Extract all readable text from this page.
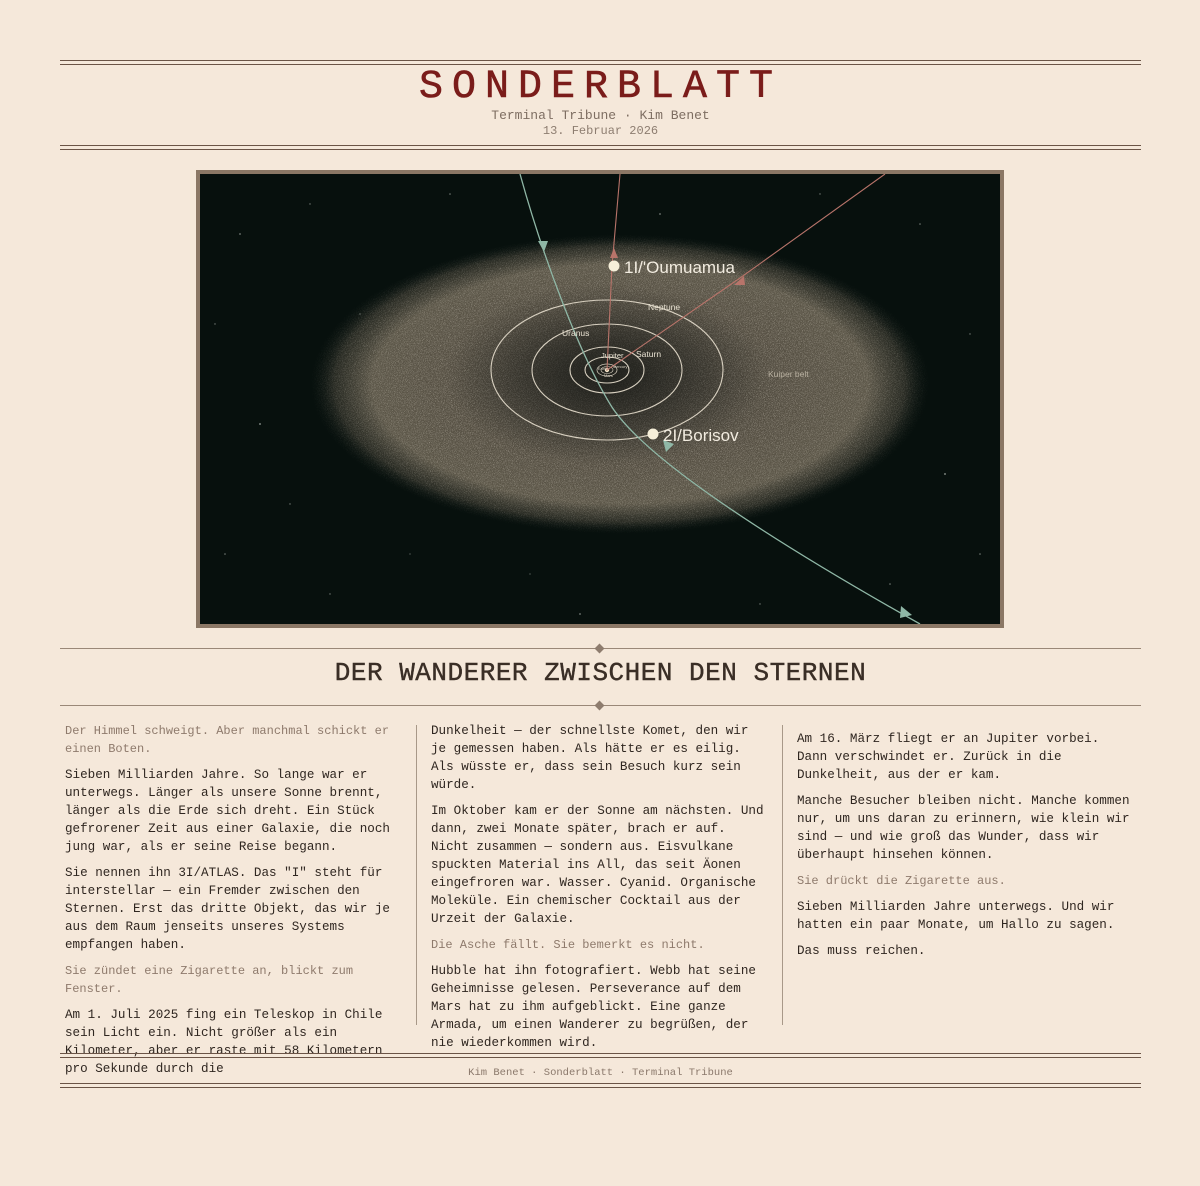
SONDERBLATT
Terminal Tribune · Kim Benet
13. Februar 2026
1I/'Oumuamua
2I/Borisov
Neptune
Uranus
Saturn
Jupiter
Kuiper belt
Mercury
Earth
Mars
DER WANDERER ZWISCHEN DEN STERNEN

Der Himmel schweigt. Aber manchmal schickt er einen Boten.

Sieben Milliarden Jahre. So lange war er unterwegs. Länger als unsere Sonne brennt, länger als die Erde sich dreht. Ein Stück gefrorener Zeit aus einer Galaxie, die noch jung war, als er seine Reise begann.

Sie nennen ihn 3I/ATLAS. Das "I" steht für interstellar — ein Fremder zwischen den Sternen. Erst das dritte Objekt, das wir je aus dem Raum jenseits unseres Systems empfangen haben.

Sie zündet eine Zigarette an, blickt zum Fenster.

Am 1. Juli 2025 fing ein Teleskop in Chile sein Licht ein. Nicht größer als ein Kilometer, aber er raste mit 58 Kilometern pro Sekunde durch die

Dunkelheit — der schnellste Komet, den wir je gemessen haben. Als hätte er es eilig. Als wüsste er, dass sein Besuch kurz sein würde.

Im Oktober kam er der Sonne am nächsten. Und dann, zwei Monate später, brach er auf. Nicht zusammen — sondern aus. Eisvulkane spuckten Material ins All, das seit Äonen eingefroren war. Wasser. Cyanid. Organische Moleküle. Ein chemischer Cocktail aus der Urzeit der Galaxie.

Die Asche fällt. Sie bemerkt es nicht.

Hubble hat ihn fotografiert. Webb hat seine Geheimnisse gelesen. Perseverance auf dem Mars hat zu ihm aufgeblickt. Eine ganze Armada, um einen Wanderer zu begrüßen, der nie wiederkommen wird.

Am 16. März fliegt er an Jupiter vorbei. Dann verschwindet er. Zurück in die Dunkelheit, aus der er kam.

Manche Besucher bleiben nicht. Manche kommen nur, um uns daran zu erinnern, wie klein wir sind — und wie groß das Wunder, dass wir überhaupt hinsehen können.

Sie drückt die Zigarette aus.

Sieben Milliarden Jahre unterwegs. Und wir hatten ein paar Monate, um Hallo zu sagen.

Das muss reichen.

Kim Benet · Sonderblatt · Terminal Tribune
